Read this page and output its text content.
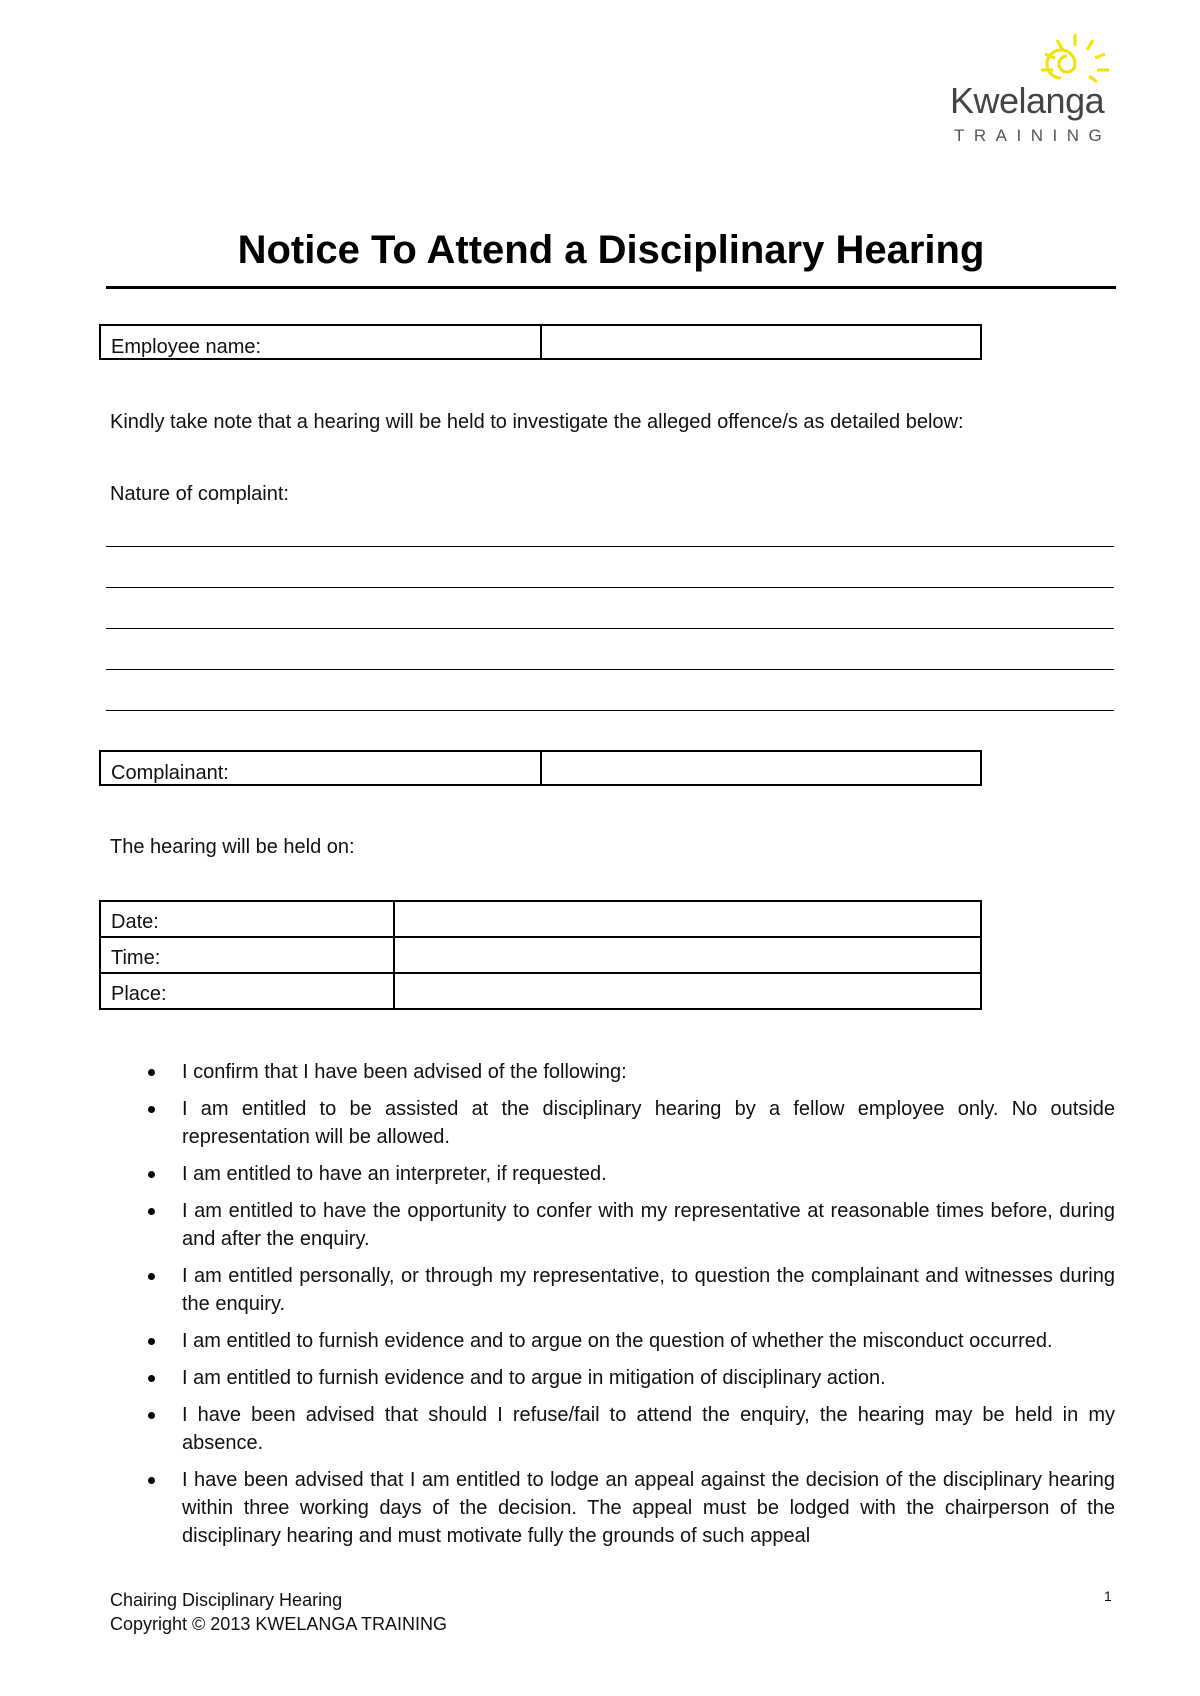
Kwelanga
TRAINING
Notice To Attend a Disciplinary Hearing
Employee name:
Kindly take note that a hearing will be held to investigate the alleged offence/s as detailed below:
Nature of complaint:
Complainant:
The hearing will be held on:
Date:
Time:
Place:
I confirm that I have been advised of the following:
I am entitled to be assisted at the disciplinary hearing by a fellow employee only. No outside representation will be allowed.
I am entitled to have an interpreter, if requested.
I am entitled to have the opportunity to confer with my representative at reasonable times before, during and after the enquiry.
I am entitled personally, or through my representative, to question the complainant and witnesses during the enquiry.
I am entitled to furnish evidence and to argue on the question of whether the misconduct occurred.
I am entitled to furnish evidence and to argue in mitigation of disciplinary action.
I have been advised that should I refuse/fail to attend the enquiry, the hearing may be held in my absence.
I have been advised that I am entitled to lodge an appeal against the decision of the disciplinary hearing within three working days of the decision. The appeal must be lodged with the chairperson of the disciplinary hearing and must motivate fully the grounds of such appeal
Chairing Disciplinary Hearing
Copyright © 2013 KWELANGA TRAINING
1
